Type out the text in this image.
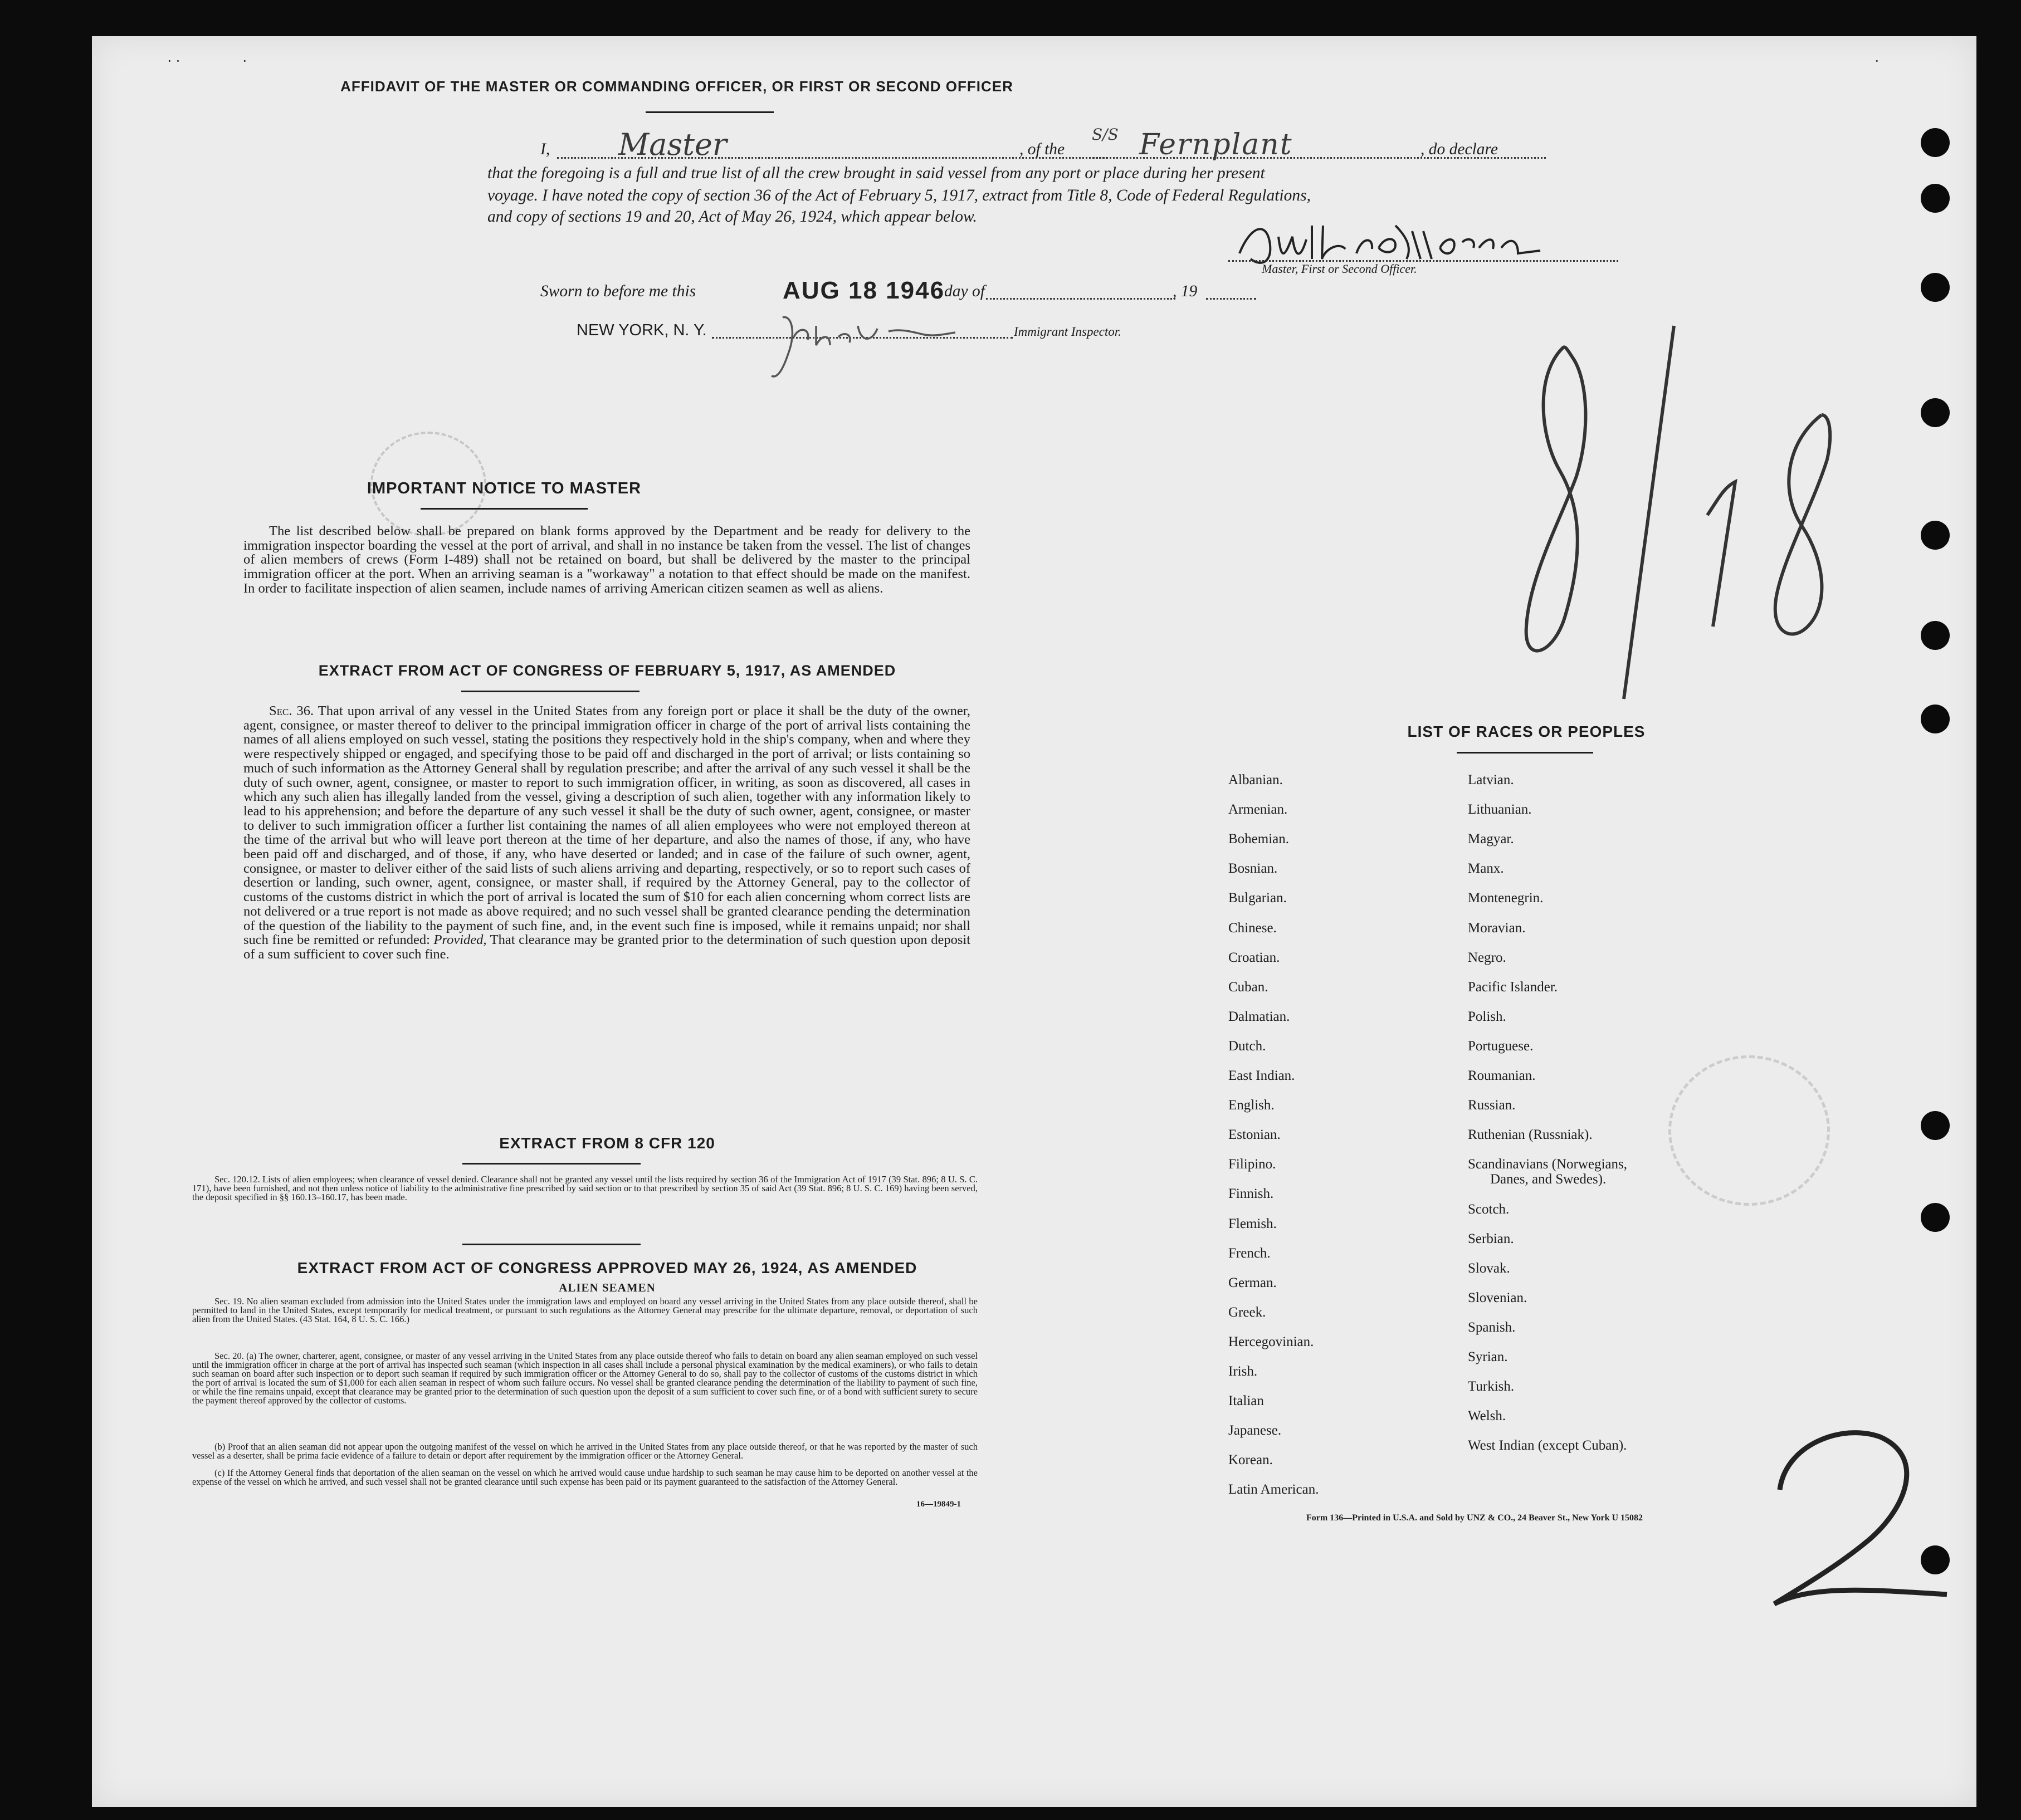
AFFIDAVIT OF THE MASTER OR COMMANDING OFFICER, OR FIRST OR SECOND OFFICER
I, Master	, of the
S/S Fernplant	, do declare
that the foregoing is a full and true list of all the crew brought in said vessel from any port or place during her present
voyage. I have noted the copy of section 36 of the Act of February 5, 1917, extract from Title 8, Code of Federal Regulations,
and copy of sections 19 and 20, Act of May 26, 1924, which appear below.
Master, First or Second Officer.
Sworn to before me this	AUG 18 1946
day of	, 19
NEW YORK, N. Y.	Immigrant Inspector.
IMPORTANT NOTICE TO MASTER
The list described below shall be prepared on blank forms approved by the Department and be ready for delivery to the immigration inspector boarding the vessel at the port of arrival, and shall in no instance be taken from the vessel. The list of changes of alien members of crews (Form I-489) shall not be retained on board, but shall be delivered by the master to the principal immigration officer at the port. When an arriving seaman is a "workaway" a notation to that effect should be made on the manifest. In order to facilitate inspection of alien seamen, include names of arriving American citizen seamen as well as aliens.
EXTRACT FROM ACT OF CONGRESS OF FEBRUARY 5, 1917, AS AMENDED
Sec. 36. That upon arrival of any vessel in the United States from any foreign port or place it shall be the duty of the owner, agent, consignee, or master thereof to deliver to the principal immigration officer in charge of the port of arrival lists containing the names of all aliens employed on such vessel, stating the positions they respectively hold in the ship's company, when and where they were respectively shipped or engaged, and specifying those to be paid off and discharged in the port of arrival; or lists containing so much of such information as the Attorney General shall by regulation prescribe; and after the arrival of any such vessel it shall be the duty of such owner, agent, consignee, or master to report to such immigration officer, in writing, as soon as discovered, all cases in which any such alien has illegally landed from the vessel, giving a description of such alien, together with any information likely to lead to his apprehension; and before the departure of any such vessel it shall be the duty of such owner, agent, consignee, or master to deliver to such immigration officer a further list containing the names of all alien employees who were not employed thereon at the time of the arrival but who will leave port thereon at the time of her departure, and also the names of those, if any, who have been paid off and discharged, and of those, if any, who have deserted or landed; and in case of the failure of such owner, agent, consignee, or master to deliver either of the said lists of such aliens arriving and departing, respectively, or so to report such cases of desertion or landing, such owner, agent, consignee, or master shall, if required by the Attorney General, pay to the collector of customs of the customs district in which the port of arrival is located the sum of $10 for each alien concerning whom correct lists are not delivered or a true report is not made as above required; and no such vessel shall be granted clearance pending the determination of the question of the liability to the payment of such fine, and, in the event such fine is imposed, while it remains unpaid; nor shall such fine be remitted or refunded: Provided, That clearance may be granted prior to the determination of such question upon deposit of a sum sufficient to cover such fine.
EXTRACT FROM 8 CFR 120
Sec. 120.12. Lists of alien employees; when clearance of vessel denied. Clearance shall not be granted any vessel until the lists required by section 36 of the Immigration Act of 1917 (39 Stat. 896; 8 U. S. C. 171), have been furnished, and not then unless notice of liability to the administrative fine prescribed by said section or to that prescribed by section 35 of said Act (39 Stat. 896; 8 U. S. C. 169) having been served, the deposit specified in §§ 160.13–160.17, has been made.
EXTRACT FROM ACT OF CONGRESS APPROVED MAY 26, 1924, AS AMENDED
ALIEN SEAMEN
Sec. 19. No alien seaman excluded from admission into the United States under the immigration laws and employed on board any vessel arriving in the United States from any place outside thereof, shall be permitted to land in the United States, except temporarily for medical treatment, or pursuant to such regulations as the Attorney General may prescribe for the ultimate departure, removal, or deportation of such alien from the United States. (43 Stat. 164, 8 U. S. C. 166.)
Sec. 20. (a) The owner, charterer, agent, consignee, or master of any vessel arriving in the United States from any place outside thereof who fails to detain on board any alien seaman employed on such vessel until the immigration officer in charge at the port of arrival has inspected such seaman (which inspection in all cases shall include a personal physical examination by the medical examiners), or who fails to detain such seaman on board after such inspection or to deport such seaman if required by such immigration officer or the Attorney General to do so, shall pay to the collector of customs of the customs district in which the port of arrival is located the sum of $1,000 for each alien seaman in respect of whom such failure occurs. No vessel shall be granted clearance pending the determination of the liability to payment of such fine, or while the fine remains unpaid, except that clearance may be granted prior to the determination of such question upon the deposit of a sum sufficient to cover such fine, or of a bond with sufficient surety to secure the payment thereof approved by the collector of customs.
(b) Proof that an alien seaman did not appear upon the outgoing manifest of the vessel on which he arrived in the United States from any place outside thereof, or that he was reported by the master of such vessel as a deserter, shall be prima facie evidence of a failure to detain or deport after requirement by the immigration officer or the Attorney General.
(c) If the Attorney General finds that deportation of the alien seaman on the vessel on which he arrived would cause undue hardship to such seaman he may cause him to be deported on another vessel at the expense of the vessel on which he arrived, and such vessel shall not be granted clearance until such expense has been paid or its payment guaranteed to the satisfaction of the Attorney General.
16—19849-1
LIST OF RACES OR PEOPLES
Albanian.
Armenian.
Bohemian.
Bosnian.
Bulgarian.
Chinese.
Croatian.
Cuban.
Dalmatian.
Dutch.
East Indian.
English.
Estonian.
Filipino.
Finnish.
Flemish.
French.
German.
Greek.
Hercegovinian.
Irish.
Italian
Japanese.
Korean.
Latin American.
Latvian.
Lithuanian.
Magyar.
Manx.
Montenegrin.
Moravian.
Negro.
Pacific Islander.
Polish.
Portuguese.
Roumanian.
Russian.
Ruthenian (Russniak).
Scandinavians (Norwegians,
Danes, and Swedes).
Scotch.
Serbian.
Slovak.
Slovenian.
Spanish.
Syrian.
Turkish.
Welsh.
West Indian (except Cuban).
Form 136—Printed in U.S.A. and Sold by UNZ & CO., 24 Beaver St., New York U 15082
· ·	·	·
